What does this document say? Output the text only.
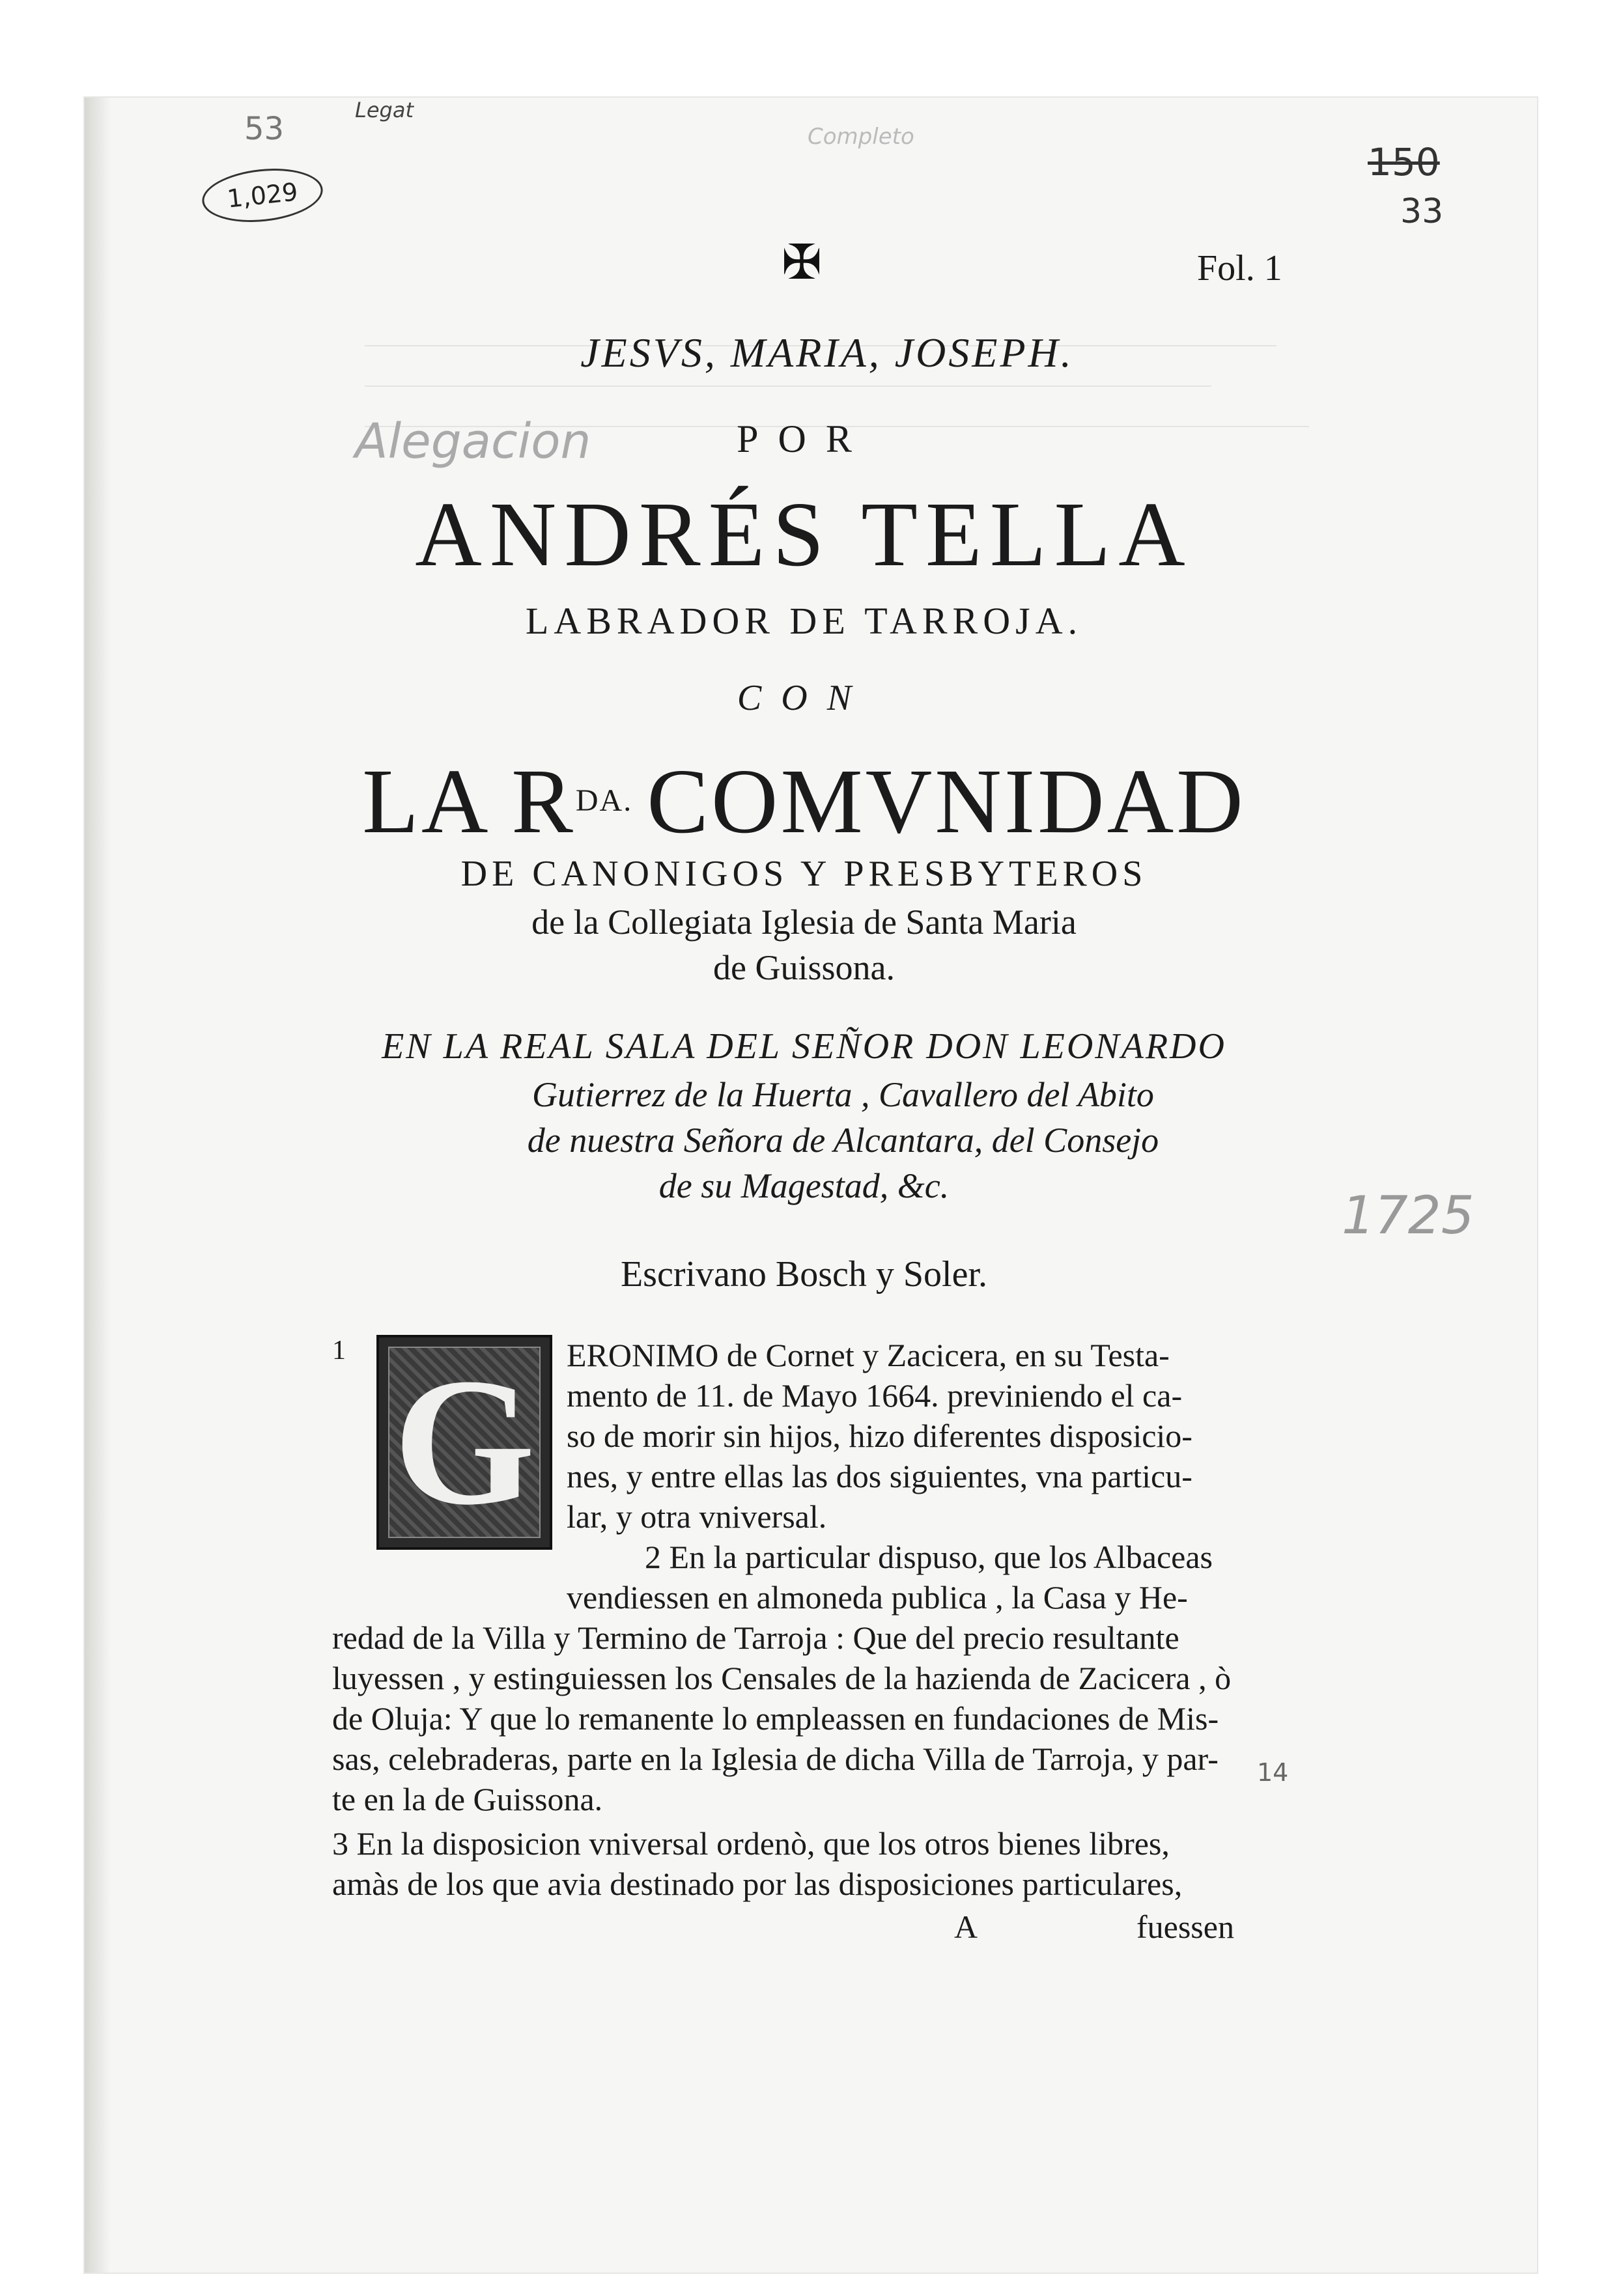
53
Legat
1,029
Completo
150
33
Alegacion
1725
14
✠	Fol. 1
JESVS, MARIA, JOSEPH.
POR
ANDRÉS TELLA
LABRADOR DE TARROJA.
CON
LA $R^{DA.}$ COMVNIDAD
DE CANONIGOS Y PRESBYTEROS
de la Collegiata Iglesia de Santa Maria
de Guissona.
EN LA REAL SALA DEL SEÑOR DON LEONARDO
Gutierrez de la Huerta , Cavallero del Abito
de nuestra Señora de Alcantara, del Consejo
de su Magestad, &c.
Escrivano Bosch y Soler.
1 G ERONIMO de Cornet y Zacicera, en su Testa-
mento de 11. de Mayo 1664. previniendo el ca-
so de morir sin hijos, hizo diferentes disposicio-
nes, y entre ellas las dos siguientes, vna particu-
lar, y otra vniversal.
2 En la particular dispuso, que los Albaceas
vendiessen en almoneda publica , la Casa y He-
redad de la Villa y Termino de Tarroja : Que del precio resultante
luyessen , y estinguiessen los Censales de la hazienda de Zacicera , ò
de Oluja: Y que lo remanente lo empleassen en fundaciones de Mis-
sas, celebraderas, parte en la Iglesia de dicha Villa de Tarroja, y par-
te en la de Guissona.
3 En la disposicion vniversal ordenò, que los otros bienes libres,
amàs de los que avia destinado por las disposiciones particulares,
A	fuessen
